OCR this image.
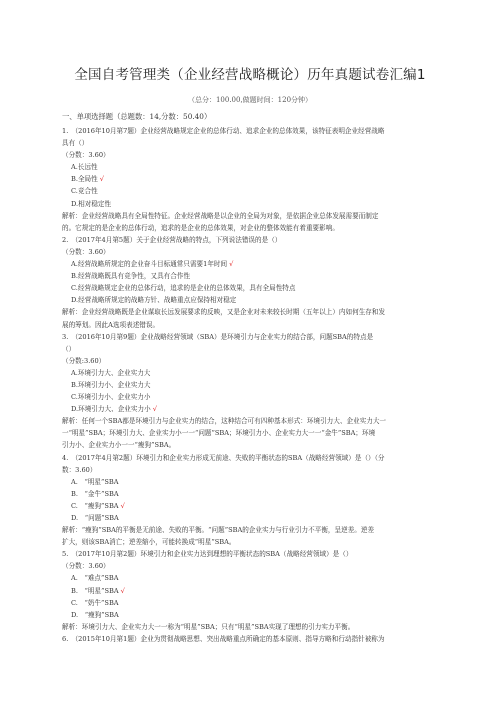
全国自考管理类（企业经营战略概论）历年真题试卷汇编1
（总分：100.00,做题时间：120分钟）
一、单项选择题（总题数：14,分数：50.40）
1.　（2016年10月第7题）企业经营战略规定企业的总体行动、追求企业的总体效果，该特征表明企业经营战略
具有（）
（分数：3.60）
A.长远性
B.全局性 √
C.竞合性
D.相对稳定性
解析：企业经营战略具有全局性特征。企业经营战略是以企业的全局为对象，是依据企业总体发展需要而制定
的。它规定的是企业的总体行动，追求的是企业的总体效果，对企业的整体效能有着重要影响。
2.　（2017年4月第5题）关于企业经营战略的特点，下列说法错误的是（）
（分数：3.60）
A.经营战略所规定的企业奋斗目标通常只需要1年时间 √
B.经营战略既具有竞争性，又具有合作性
C.经营战略规定企业的总体行动，追求的是企业的总体效果，具有全局性特点
D.经营战略所规定的战略方针、战略重点应保持相对稳定
解析：企业经营战略既是企业谋取长远发展要求的反映，又是企业对未来较长时期（五年以上）内如何生存和发
展的筹划。因此A选项表述错误。
3.　（2016年10月第9题）企业战略经营领域（SBA）是环境引力与企业实力的结合部，问题SBA的特点是
（）
（分数:3.60）
A.环境引力大、企业实力大
B.环境引力小、企业实力大
C.环境引力小、企业实力小
D.环境引力大、企业实力小 √
解析：任何一个SBA都是环境引力与企业实力的结合，这种结合可有四种基本形式：环境引力大、企业实力大一
一“明星”SBA；环境引力大、企业实力小一一“问题”SBA；环境引力小、企业实力大一一“金牛”SBA；环境
引力小、企业实力小一一“瘦狗”SBA。
4.　（2017年4月第2题）环境引力和企业实力形成无前途、失败的平衡状态的SBA（战略经营领域）是（）（分
数：3.60）
A.　“明星”SBA
B.　“金牛”SBA
C.　“瘦狗”SBA √
D.　“问题”SBA
解析：“瘦狗”SBA的平衡是无前途、失败的平衡。“问题”SBA的企业实力与行业引力不平衡，呈逆差。逆差
扩大，则该SBA消亡；逆差缩小，可能转换成“明星”SBA。
5.　（2017年10月第2题）环境引力和企业实力达到理想的平衡状态的SBA（战略经营领域）是（）
（分数：3.60）
A.　“难点”SBA
B.　“明星”SBA √
C.　“奶牛”SBA
D.　“瘦狗”SBA
解析：环境引力大、企业实力大一一称为“明星”SBA；只有“明星”SBA实现了理想的引力实力平衡。
6.　（2015年10月第1题）企业为贯彻战略思想、突出战略重点所确定的基本原则、指导方略和行动指针被称为
